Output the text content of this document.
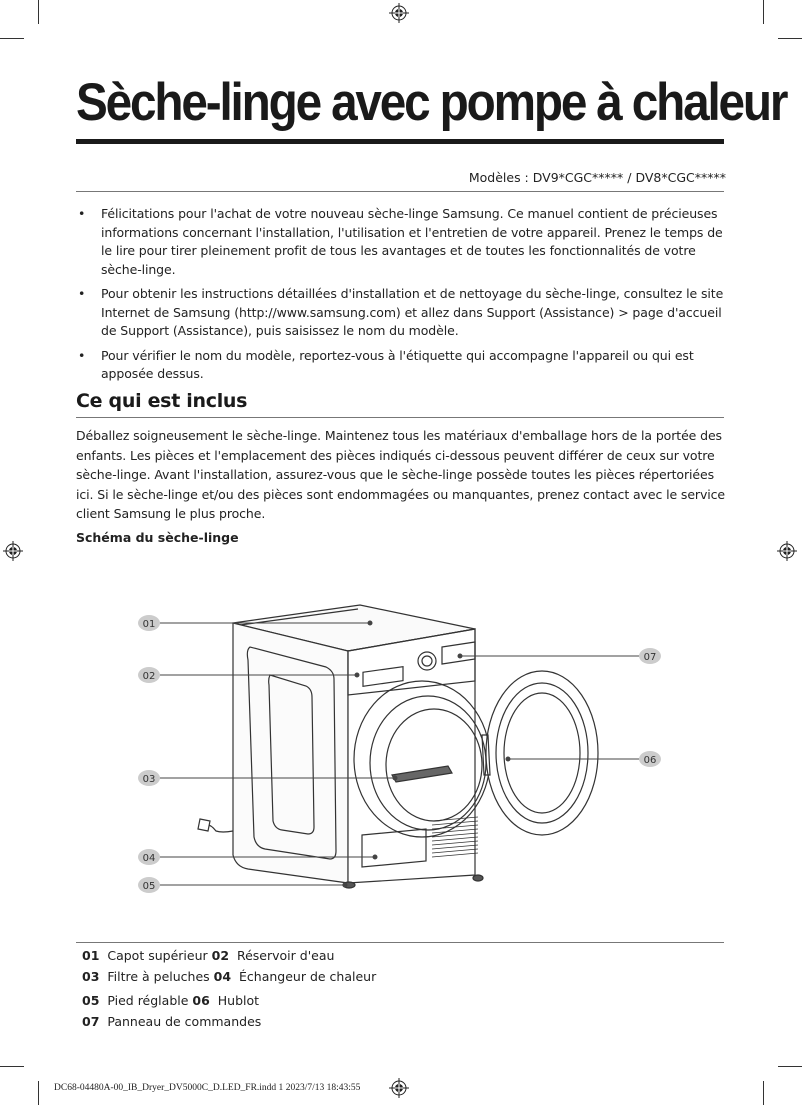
Sèche-linge avec pompe à chaleur
Modèles : DV9*CGC***** / DV8*CGC*****
• Félicitations pour l'achat de votre nouveau sèche-linge Samsung. Ce manuel contient de précieuses informations concernant l'installation, l'utilisation et l'entretien de votre appareil. Prenez le temps de le lire pour tirer pleinement profit de tous les avantages et de toutes les fonctionnalités de votre sèche-linge.
• Pour obtenir les instructions détaillées d'installation et de nettoyage du sèche-linge, consultez le site Internet de Samsung (http://www.samsung.com) et allez dans Support (Assistance) > page d'accueil de Support (Assistance), puis saisissez le nom du modèle.
• Pour vérifier le nom du modèle, reportez-vous à l'étiquette qui accompagne l'appareil ou qui est apposée dessus.
Ce qui est inclus
Déballez soigneusement le sèche-linge. Maintenez tous les matériaux d'emballage hors de la portée des enfants. Les pièces et l'emplacement des pièces indiqués ci-dessous peuvent différer de ceux sur votre sèche-linge. Avant l'installation, assurez-vous que le sèche-linge possède toutes les pièces répertoriées ici. Si le sèche-linge et/ou des pièces sont endommagées ou manquantes, prenez contact avec le service client Samsung le plus proche.
Schéma du sèche-linge
01
02
03
04
05
06
07
01 Capot supérieur 02 Réservoir d'eau
03 Filtre à peluches 04 Échangeur de chaleur
05 Pied réglable 06 Hublot
07 Panneau de commandes
DC68-04480A-00_IB_Dryer_DV5000C_D.LED_FR.indd 1 2023/7/13 18:43:55
